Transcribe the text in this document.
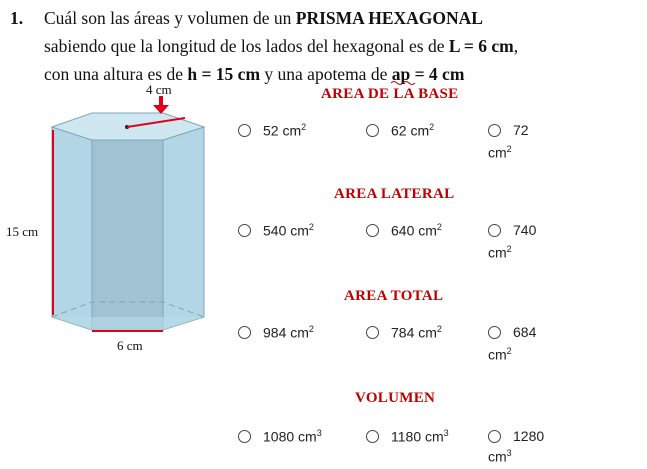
1. Cuál son las áreas y volumen de un PRISMA HEXAGONAL
sabiendo que la longitud de los lados del hexagonal es de L = 6 cm,
con una altura es de h = 15 cm y una apotema de ap
= 4 cm
4 cm
15 cm
6 cm
AREA DE LA BASE
52 $cm^2$	62 $cm^2$	72
$cm^2$
AREA LATERAL
540 $cm^2$	640 $cm^2$	740
$cm^2$
AREA TOTAL
984 $cm^2$	784 $cm^2$	684
$cm^2$
VOLUMEN
1080 $cm^3$	1180 $cm^3$	1280
$cm^3$
